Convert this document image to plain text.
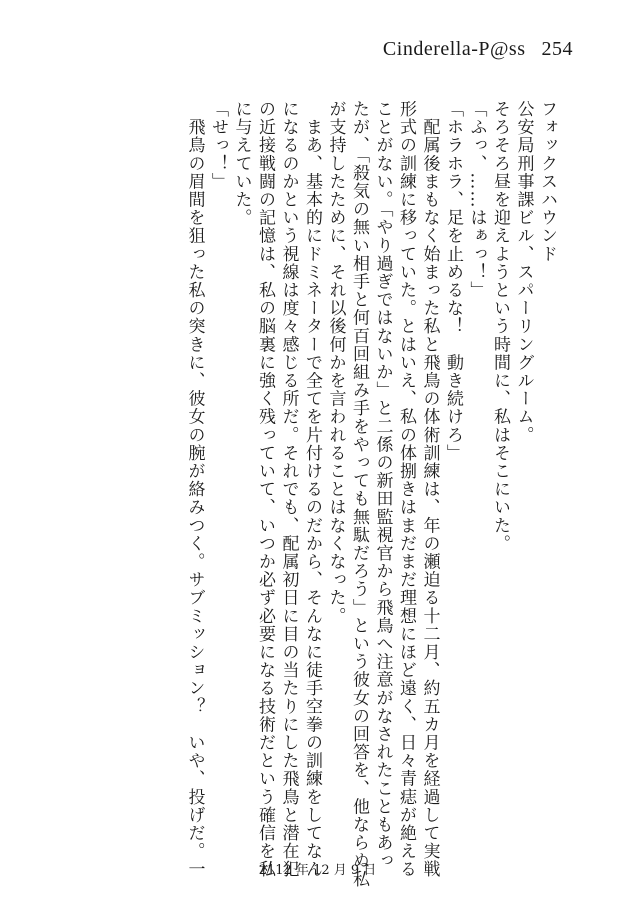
Cinderella‑P@ss 254

フォックスハウンド

公安局刑事課ビル、スパーリングルーム。

そろそろ昼を迎えようという時間に、私はそこにいた。

「ふっ、……はぁっ！」

「ホラホラ、足を止めるな！　動き続けろ」

　配属後まもなく始まった私と飛鳥の体術訓練は、年の瀬迫る十二月、約五カ月を経過して実戦

形式の訓練に移っていた。とはいえ、私の体捌きはまだまだ理想にほど遠く、日々青痣が絶える

ことがない。「やり過ぎではないか」と二係の新田監視官から飛鳥へ注意がなされたこともあっ

たが、「殺気の無い相手と何百回組み手をやっても無駄だろう」という彼女の回答を、他ならぬ私

が支持したために、それ以後何かを言われることはなくなった。

　まあ、基本的にドミネーターで全てを片付けるのだから、そんなに徒手空拳の訓練をしてなん

になるのかという視線は度々感じる所だ。それでも、配属初日に目の当たりにした飛鳥と潜在犯

の近接戦闘の記憶は、私の脳裏に強く残っていて、いつか必ず必要になる技術だという確信を私

に与えていた。

「せっ！」

　飛鳥の眉間を狙った私の突きに、彼女の腕が絡みつく。サブミッション？　いや、投げだ。一	2112 年 12 月 9 日
